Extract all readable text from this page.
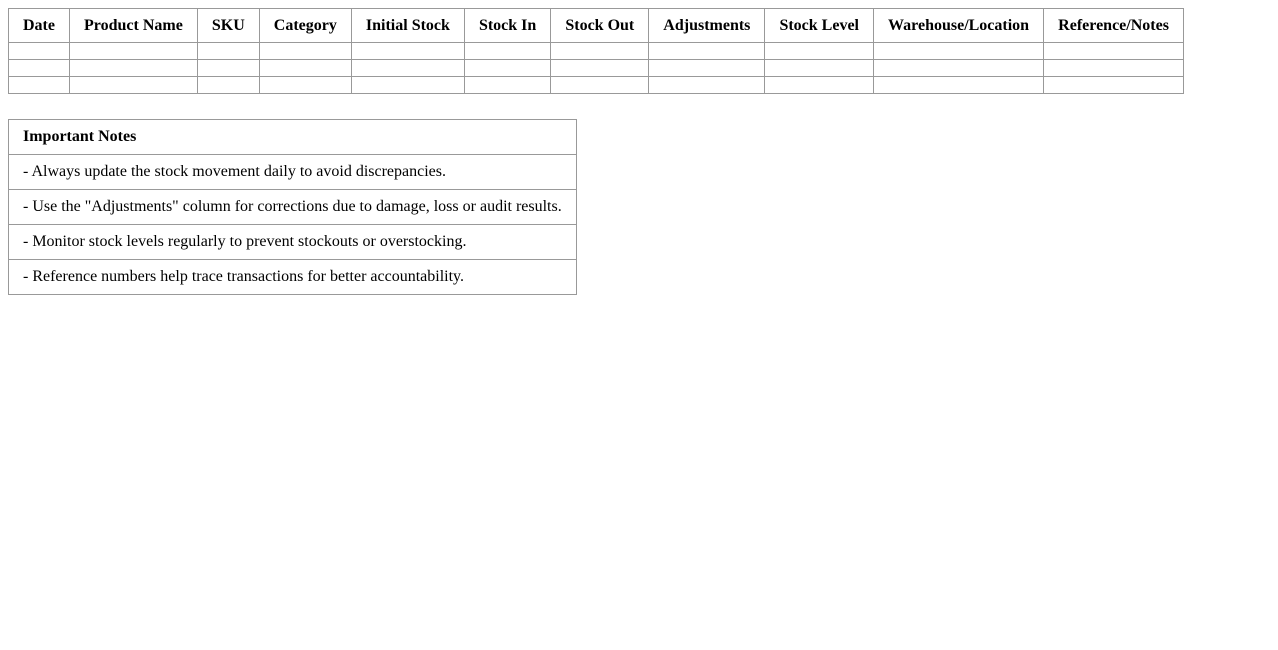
Date	Product Name	SKU	Category	Initial Stock	Stock In	Stock Out	Adjustments	Stock Level	Warehouse/Location	Reference/Notes

Important Notes
- Always update the stock movement daily to avoid discrepancies.
- Use the "Adjustments" column for corrections due to damage, loss or audit results.
- Monitor stock levels regularly to prevent stockouts or overstocking.
- Reference numbers help trace transactions for better accountability.
